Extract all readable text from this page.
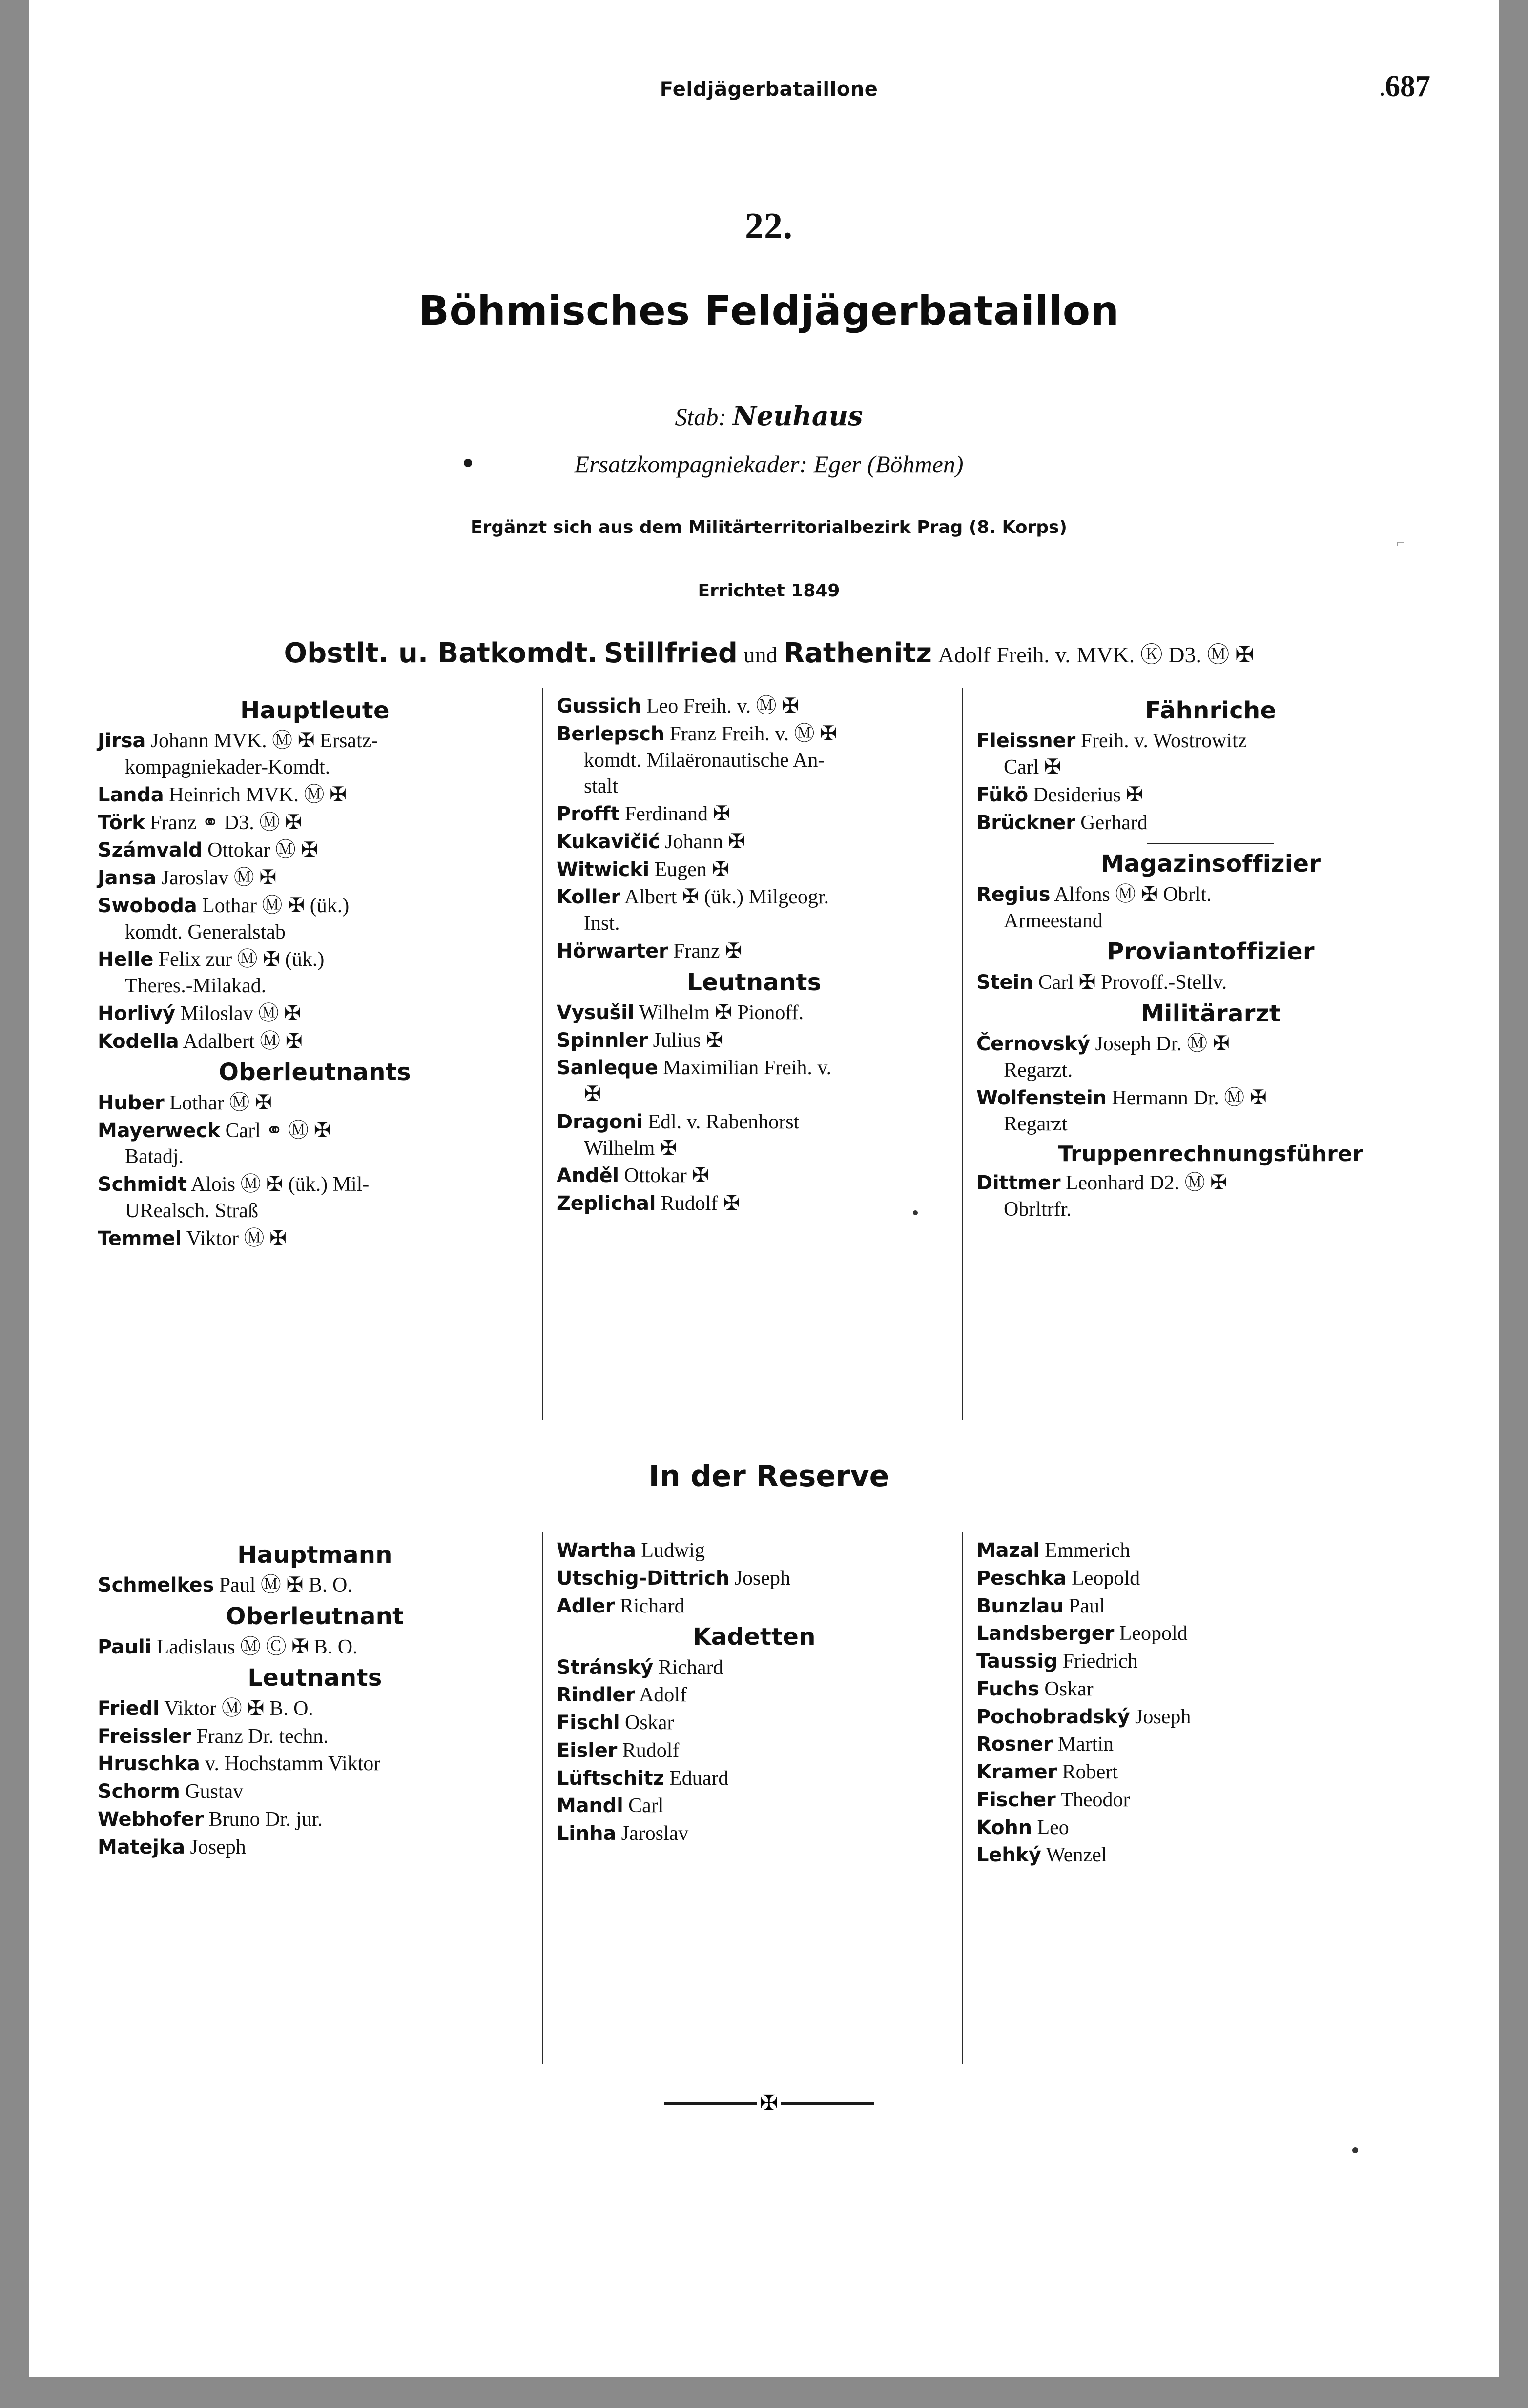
Feldjägerbataillone	.687
22.
Böhmisches Feldjägerbataillon
Stab: Neuhaus
Ersatzkompagniekader: Eger (Böhmen)
Ergänzt sich aus dem Militärterritorialbezirk Prag (8. Korps)
Errichtet 1849
Obstlt. u. Batkomdt. Stillfried und Rathenitz Adolf Freih. v. MVK. Ⓚ D3. Ⓜ ✠
Hauptleute
Jirsa Johann MVK. Ⓜ ✠ Ersatz-
kompagniekader-Komdt.
Landa Heinrich MVK. Ⓜ ✠
Törk Franz ⚭ D3. Ⓜ ✠
Számvald Ottokar Ⓜ ✠
Jansa Jaroslav Ⓜ ✠
Swoboda Lothar Ⓜ ✠ (ük.)
komdt. Generalstab
Helle Felix zur Ⓜ ✠ (ük.)
Theres.-Milakad.
Horlivý Miloslav Ⓜ ✠
Kodella Adalbert Ⓜ ✠
Oberleutnants
Huber Lothar Ⓜ ✠
Mayerweck Carl ⚭ Ⓜ ✠
Batadj.
Schmidt Alois Ⓜ ✠ (ük.) Mil-
URealsch. Straß
Temmel Viktor Ⓜ ✠
Gussich Leo Freih. v. Ⓜ ✠
Berlepsch Franz Freih. v. Ⓜ ✠
komdt. Milaëronautische An-
stalt
Profft Ferdinand ✠
Kukavičić Johann ✠
Witwicki Eugen ✠
Koller Albert ✠ (ük.) Milgeogr.
Inst.
Hörwarter Franz ✠
Leutnants
Vysušil Wilhelm ✠ Pionoff.
Spinnler Julius ✠
Sanleque Maximilian Freih. v.
✠
Dragoni Edl. v. Rabenhorst
Wilhelm ✠
Anděl Ottokar ✠
Zeplichal Rudolf ✠
Fähnriche
Fleissner Freih. v. Wostrowitz
Carl ✠
Fükö Desiderius ✠
Brückner Gerhard
Magazinsoffizier
Regius Alfons Ⓜ ✠ Obrlt.
Armeestand
Proviantoffizier
Stein Carl ✠ Provoff.-Stellv.
Militärarzt
Černovský Joseph Dr. Ⓜ ✠
Regarzt.
Wolfenstein Hermann Dr. Ⓜ ✠
Regarzt
Truppenrechnungsführer
Dittmer Leonhard D2. Ⓜ ✠
Obrltrfr.
In der Reserve
Hauptmann
Schmelkes Paul Ⓜ ✠ B. O.
Oberleutnant
Pauli Ladislaus Ⓜ Ⓒ ✠ B. O.
Leutnants
Friedl Viktor Ⓜ ✠ B. O.
Freissler Franz Dr. techn.
Hruschka v. Hochstamm Viktor
Schorm Gustav
Webhofer Bruno Dr. jur.
Matejka Joseph
Wartha Ludwig
Utschig-Dittrich Joseph
Adler Richard
Kadetten
Stránský Richard
Rindler Adolf
Fischl Oskar
Eisler Rudolf
Lüftschitz Eduard
Mandl Carl
Linha Jaroslav
Mazal Emmerich
Peschka Leopold
Bunzlau Paul
Landsberger Leopold
Taussig Friedrich
Fuchs Oskar
Pochobradský Joseph
Rosner Martin
Kramer Robert
Fischer Theodor
Kohn Leo
Lehký Wenzel
✠
⌐
